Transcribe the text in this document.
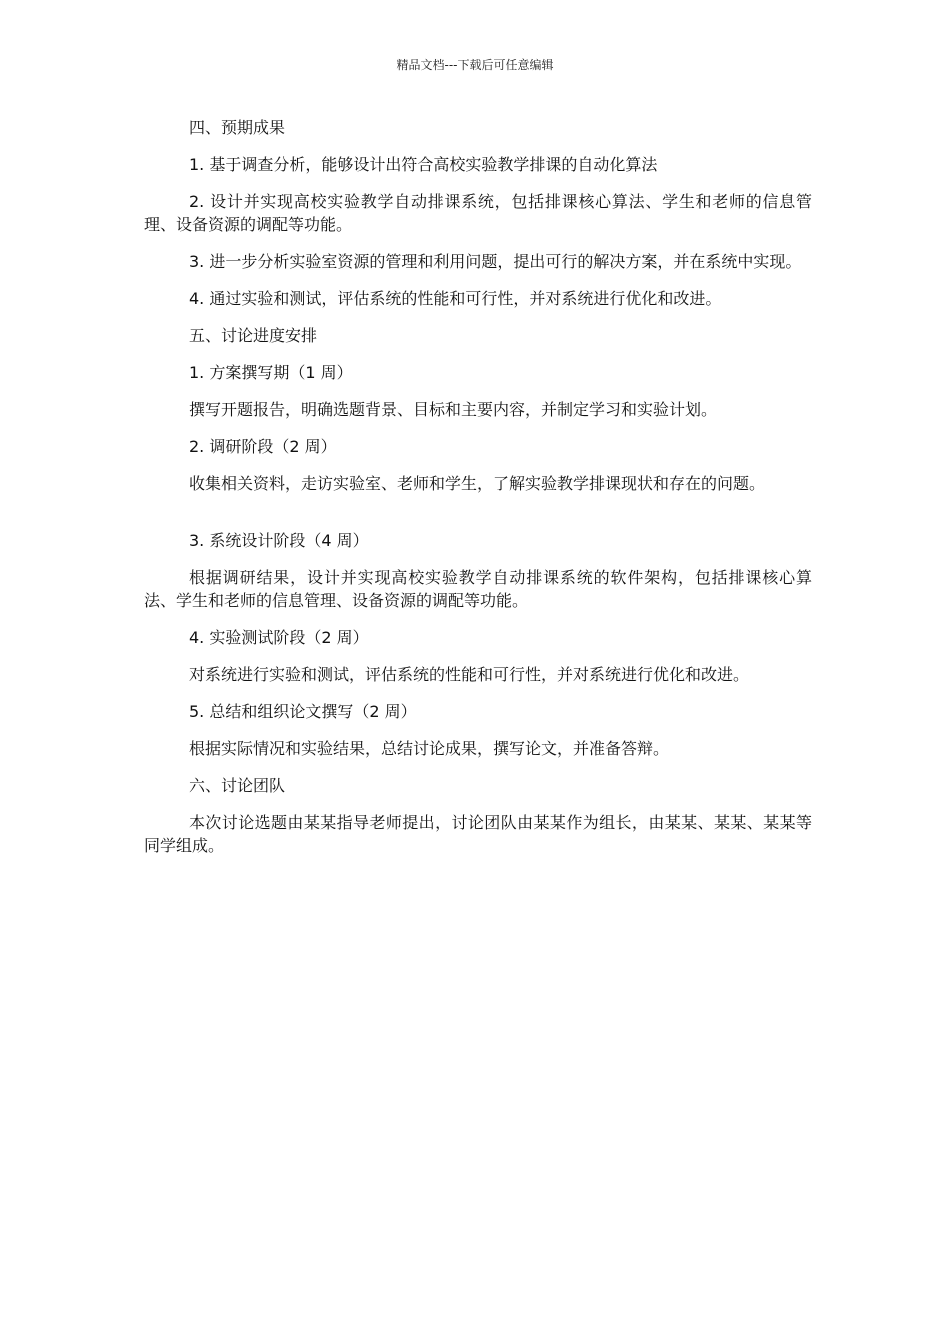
精品文档---下载后可任意编辑

四、预期成果

1. 基于调查分析，能够设计出符合高校实验教学排课的自动化算法

2. 设计并实现高校实验教学自动排课系统，包括排课核心算法、学生和老师的信息管理、设备资源的调配等功能。

3. 进一步分析实验室资源的管理和利用问题，提出可行的解决方案，并在系统中实现。

4. 通过实验和测试，评估系统的性能和可行性，并对系统进行优化和改进。

五、讨论进度安排

1. 方案撰写期（1 周）

撰写开题报告，明确选题背景、目标和主要内容，并制定学习和实验计划。

2. 调研阶段（2 周）

收集相关资料，走访实验室、老师和学生，了解实验教学排课现状和存在的问题。

3. 系统设计阶段（4 周）

根据调研结果，设计并实现高校实验教学自动排课系统的软件架构，包括排课核心算法、学生和老师的信息管理、设备资源的调配等功能。

4. 实验测试阶段（2 周）

对系统进行实验和测试，评估系统的性能和可行性，并对系统进行优化和改进。

5. 总结和组织论文撰写（2 周）

根据实际情况和实验结果，总结讨论成果，撰写论文，并准备答辩。

六、讨论团队

本次讨论选题由某某指导老师提出，讨论团队由某某作为组长，由某某、某某、某某等同学组成。
